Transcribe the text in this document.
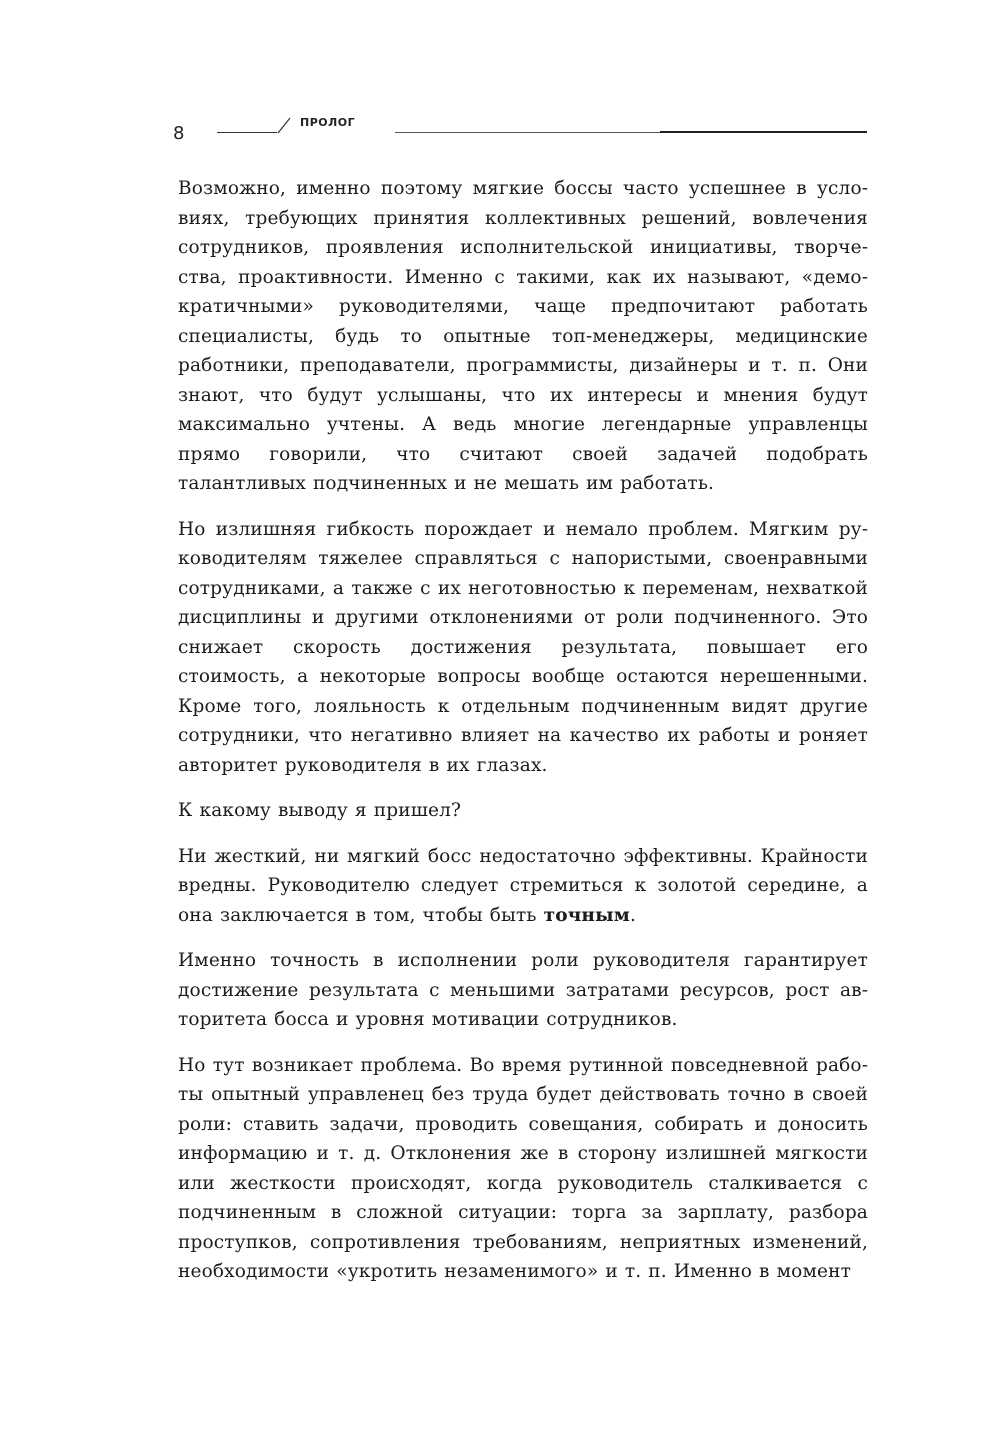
8
ПРОЛОГ

Возможно, именно поэтому мягкие боссы часто успешнее в условиях, требующих принятия коллективных решений, вовлечения сотрудников, проявления исполнительской инициативы, творчества, проактивности. Именно с такими, как их называют, «демократичными» руководителями, чаще предпочитают работать специалисты, будь то опытные топ-менеджеры, медицинские работники, преподаватели, программисты, дизайнеры и т. п. Они знают, что будут услышаны, что их интересы и мнения будут максимально учтены. А ведь многие легендарные управленцы прямо говорили, что считают своей задачей подобрать талантливых подчиненных и не мешать им работать.

Но излишняя гибкость порождает и немало проблем. Мягким руководителям тяжелее справляться с напористыми, своенравными сотрудниками, а также с их неготовностью к переменам, нехваткой дисциплины и другими отклонениями от роли подчиненного. Это снижает скорость достижения результата, повышает его стоимость, а некоторые вопросы вообще остаются нерешенными. Кроме того, лояльность к отдельным подчиненным видят другие сотрудники, что негативно влияет на качество их работы и роняет авторитет руководителя в их глазах.

К какому выводу я пришел?

Ни жесткий, ни мягкий босс недостаточно эффективны. Крайности вредны. Руководителю следует стремиться к золотой середине, а она заключается в том, чтобы быть точным.

Именно точность в исполнении роли руководителя гарантирует достижение результата с меньшими затратами ресурсов, рост авторитета босса и уровня мотивации сотрудников.

Но тут возникает проблема. Во время рутинной повседневной работы опытный управленец без труда будет действовать точно в своей роли: ставить задачи, проводить совещания, собирать и доносить информацию и т. д. Отклонения же в сторону излишней мягкости или жесткости происходят, когда руководитель сталкивается с подчиненным в сложной ситуации: торга за зарплату, разбора проступков, сопротивления требованиям, неприятных изменений, необходимости «укротить незаменимого» и т. п. Именно в момент
